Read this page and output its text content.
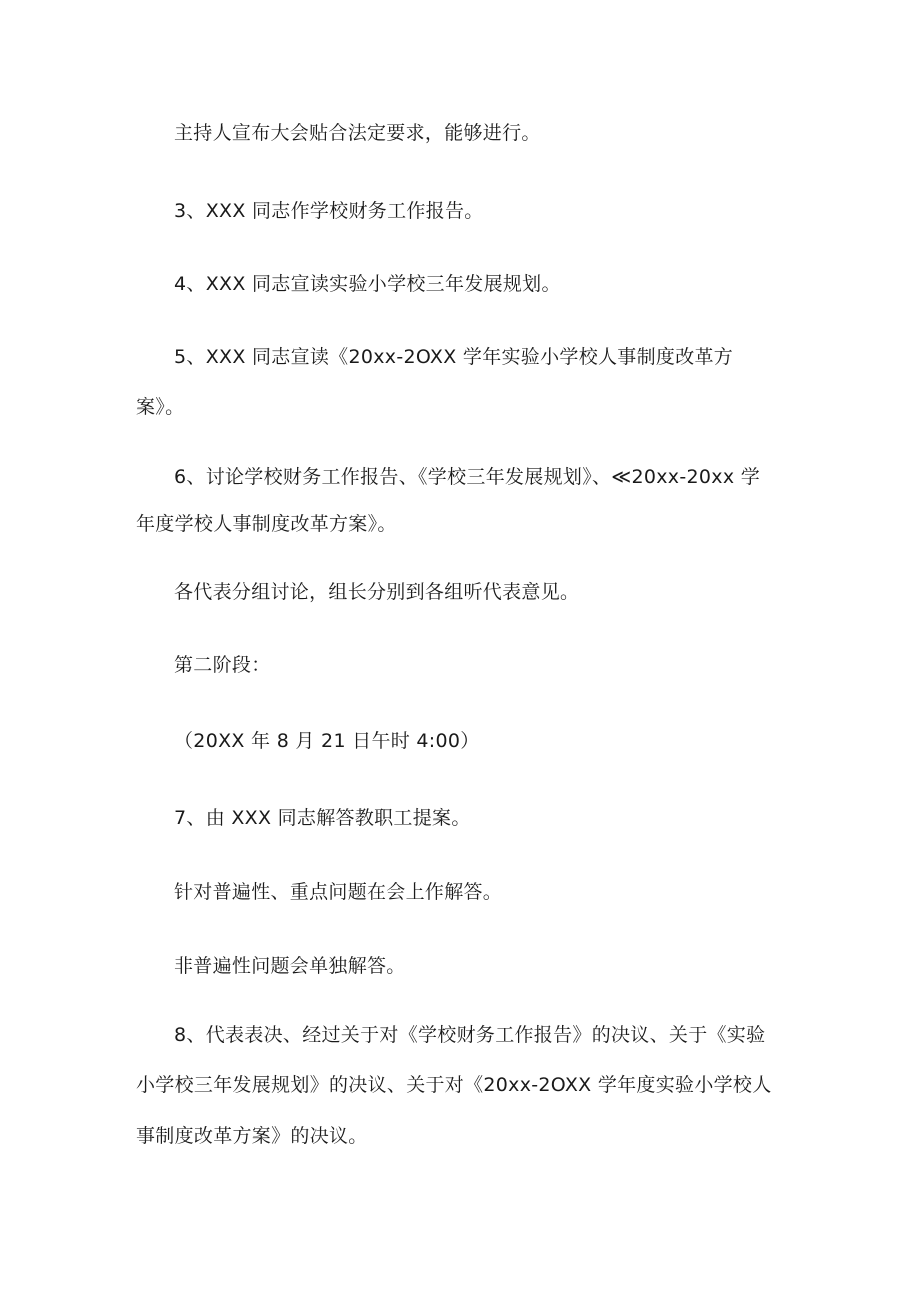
主持人宣布大会贴合法定要求，能够进行。
3、XXX 同志作学校财务工作报告。
4、XXX 同志宣读实验小学校三年发展规划。
5、XXX 同志宣读《20xx-2OXX 学年实验小学校人事制度改革方
案》。
6、讨论学校财务工作报告、《学校三年发展规划》、≪20xx-20xx 学
年度学校人事制度改革方案》。
各代表分组讨论，组长分别到各组听代表意见。
第二阶段：
（20XX 年 8 月 21 日午时 4:00）
7、由 XXX 同志解答教职工提案。
针对普遍性、重点问题在会上作解答。
非普遍性问题会单独解答。
8、代表表决、经过关于对《学校财务工作报告》的决议、关于《实验
小学校三年发展规划》的决议、关于对《20xx-2OXX 学年度实验小学校人
事制度改革方案》的决议。
